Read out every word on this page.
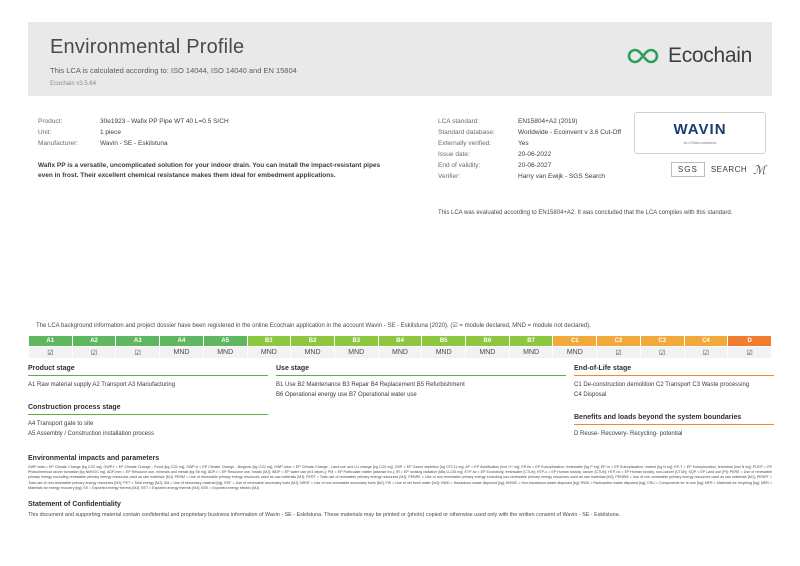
Environmental Profile
This LCA is calculated according to: ISO 14044, ISO 14040 and EN 15804
Ecochain v3.5.64
Ecochain
Product:	30e1923 - Wafix PP Pipe WT 40 L=0.5 S/CH
Unit:	1 piece
Manufacturer:	Wavin - SE - Eskilstuna
Wafix PP is a versatile, uncomplicated solution for your indoor drain. You can install the impact-resistant pipes even in frost. Their excellent chemical resistance makes them ideal for embedment applications.
LCA standard:	EN15804+A2 (2019)
Standard database:	Worldwide - Ecoinvent v 3.6 Cut-Off
Externally verified:	Yes
Issue date:	20-06-2022
End of validity:	20-06-2027
Verifier:	Harry van Ewijk - SGS Search
This LCA was evaluated according to EN15804+A2. It was concluded that the LCA complies with this standard.
WAVIN
An Orbia business
SGS	SEARCH ℳ
The LCA background information and project dossier have been registered in the online Ecochain application in the account Wavin - SE - Eskilstuna (2020). (☑ = module declared, MND = module not declared).
A1	A2	A3	A4	A5	B1	B2	B3	B4	B5	B6	B7	C1	C2	C3	C4	D
☑	☑	☑	MND	MND	MND	MND	MND	MND	MND	MND	MND	MND	☑	☑	☑	☑
Product stage
A1 Raw material supply A2 Transport A3 Manufacturing
Construction process stage
A4 Transport gate to site
A5 Assembly / Construction installation process
Use stage
B1 Use B2 Maintenance B3 Repair B4 Replacement B5 Refurbishment
B6 Operational energy use B7 Operational water use
End-of-Life stage
C1 De-construction demolition C2 Transport C3 Waste processing
C4 Disposal
Benefits and loads beyond the system boundaries
D Reuse- Recovery- Recycling- potential
Environmental impacts and parameters

GWP-total = EP Climate Change [kg CO2 eq]; GWP-f = EP Climate Change - Fossil [kg CO2 eq]; GWP-b = EP Climate Change - Biogenic [kg CO2 eq]; GWP-luluc = EP Climate Change - Land use and LU change [kg CO2 eq]; ODP = EP Ozone depletion [kg CFC11 eq]; AP = EP Acidification [mol H+ eq]; EP-fw = EP Eutrophication, freshwater [kg P eq]; EP-m = EP Eutrophication, marine [kg N eq]; EP-T = EP Eutrophication, terrestrial [mol N eq]; POCP = EP Photochemical ozone formation [kg NMVOC eq]; ADP-mm = EP Resource use, minerals and metals [kg Sb eq]; ADP-f = EP Resource use, fossils [MJ]; WDP = EP water use [m3 depriv.]; PM = EP Particulate matter [disease inc.]; IR = EP Ionising radiation [kBq U-235 eq]; ETP-fw = EP Ecotoxicity, freshwater [CTUe]; HTP-c = EP Human toxicity, cancer [CTUh]; HTP-nc = EP Human toxicity, non-cancer [CTUh]; SQP = EP Land use [Pt]; PERE = Use of renewable primary energy excluding renewable primary energy resources used as raw materials [MJ]; PERM = Use of renewable primary energy resources used as raw materials [MJ]; PERT = Total use of renewable primary energy resources [MJ]; PENRE = Use of non-renewable primary energy excluding non-renewable primary energy resources used as raw materials [MJ]; PENRM = Use of non-renewable primary energy resources used as raw materials [MJ]; PENRT = Total use of non-renewable primary energy resources [MJ]; PET = Total energy [MJ]; SM = Use of secondary material [kg]; RSF = Use of renewable secondary fuels [MJ]; NRSF = Use of non-renewable secondary fuels [MJ]; FW = Use of net fresh water [m3]; HWD = Hazardous waste disposed [kg]; NHWD = Non-hazardous waste disposed [kg]; RWD = Radioactive waste disposed [kg]; CRU = Components for re-use [kg]; MFR = Materials for recycling [kg]; MER = Materials for energy recovery [kg]; EE = Exported energy thermic [MJ]; EET = Exported energy thermic [MJ]; EEE = Exported energy electric [MJ]

Statement of Confidentiality

This document and supporting material contain confidential and proprietary business information of Wavin - SE - Eskilstuna. These materials may be printed or (photo) copied or otherwise used only with the written consent of Wavin - SE - Eskilstuna.
